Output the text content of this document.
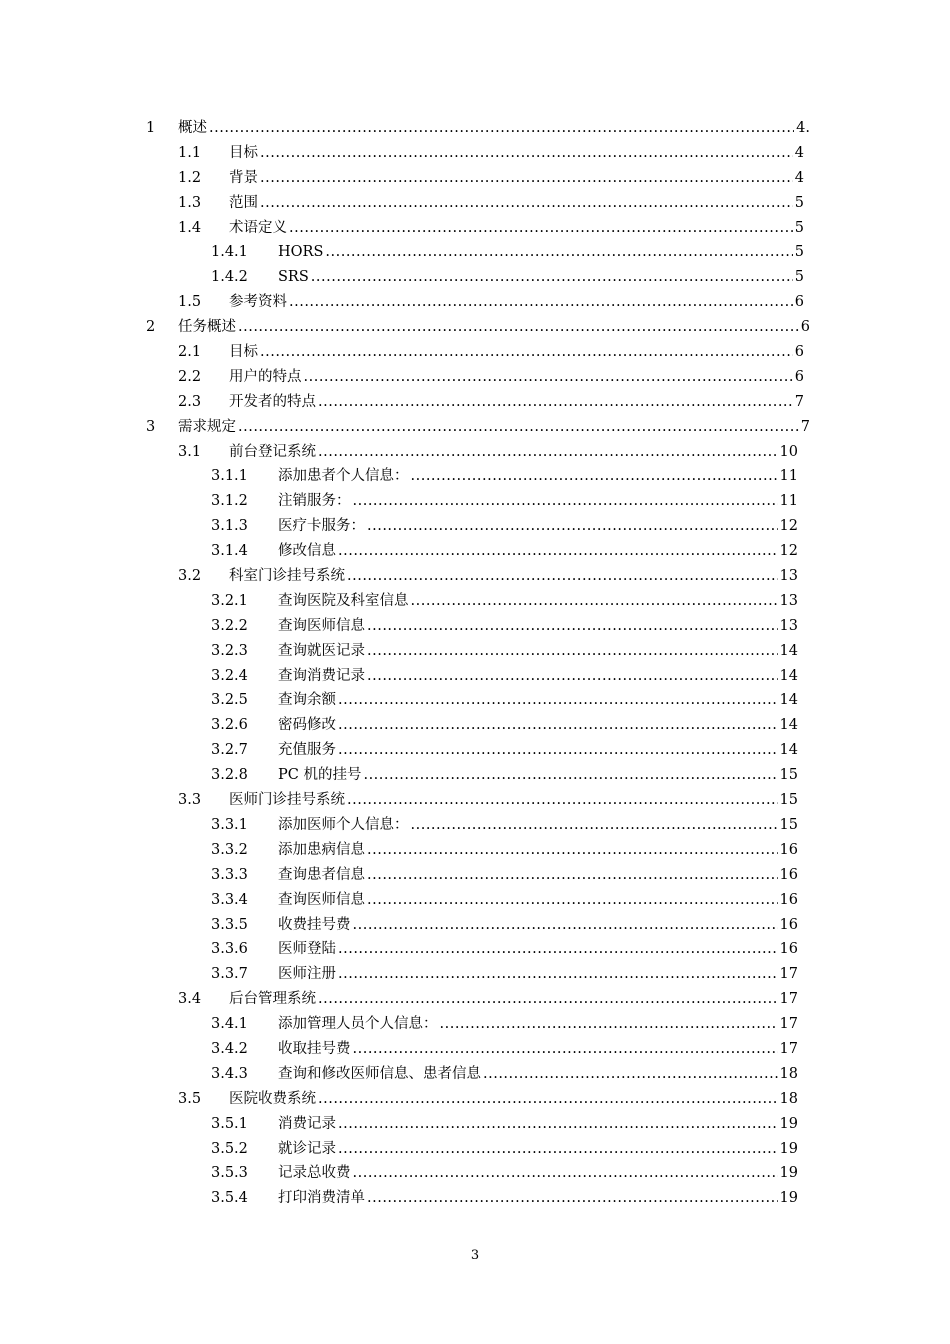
1 概述 .....	4.
1.1 目标 .....	4
1.2 背景 .....	4
1.3 范围 .....	5
1.4 术语定义 .....	5
1.4.1 HORS .....	5
1.4.2 SRS .....	5
1.5 参考资料 .....	6
2 任务概述 .....	6
2.1 目标 .....	6
2.2 用户的特点 .....	6
2.3 开发者的特点 .....	7
3 需求规定 .....	7
3.1 前台登记系统 .....	10
3.1.1 添加患者个人信息： .....	11
3.1.2 注销服务： .....	11
3.1.3 医疗卡服务： .....	12
3.1.4 修改信息 .....	12
3.2 科室门诊挂号系统 .....	13
3.2.1 查询医院及科室信息 .....	13
3.2.2 查询医师信息 .....	13
3.2.3 查询就医记录 .....	14
3.2.4 查询消费记录 .....	14
3.2.5 查询余额 .....	14
3.2.6 密码修改 .....	14
3.2.7 充值服务 .....	14
3.2.8 PC 机的挂号 .....	15
3.3 医师门诊挂号系统 .....	15
3.3.1 添加医师个人信息： .....	15
3.3.2 添加患病信息 .....	16
3.3.3 查询患者信息 .....	16
3.3.4 查询医师信息 .....	16
3.3.5 收费挂号费 .....	16
3.3.6 医师登陆 .....	16
3.3.7 医师注册 .....	17
3.4 后台管理系统 .....	17
3.4.1 添加管理人员个人信息： .....	17
3.4.2 收取挂号费 .....	17
3.4.3 查询和修改医师信息、患者信息 .....	18
3.5 医院收费系统 .....	18
3.5.1 消费记录 .....	19
3.5.2 就诊记录 .....	19
3.5.3 记录总收费 .....	19
3.5.4 打印消费清单 .....	19
3
